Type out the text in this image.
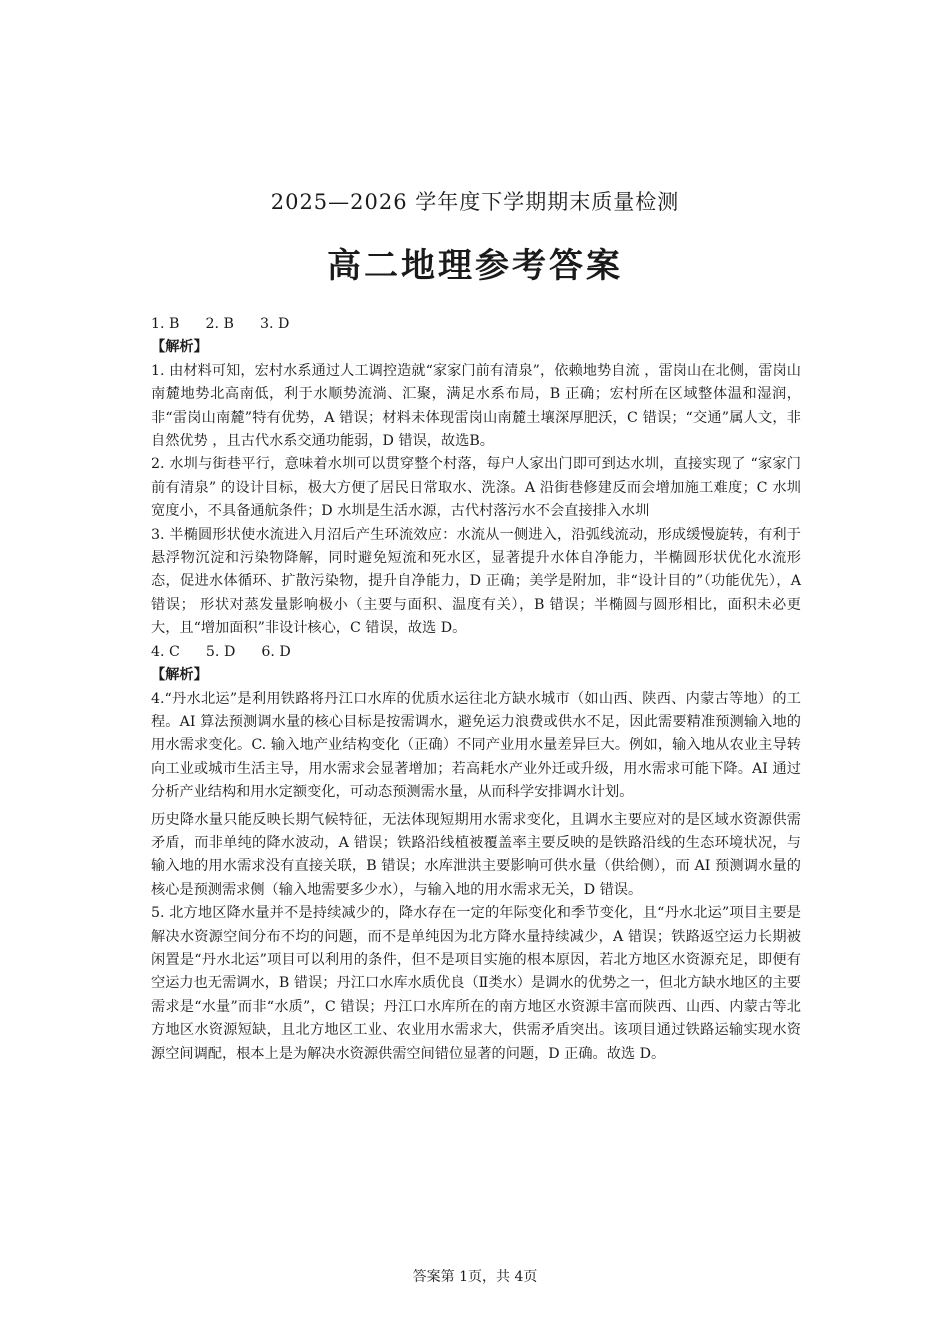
2025—2026 学年度下学期期末质量检测
高二地理参考答案

1. B 2. B 3. D

【解析】

1. 由材料可知，宏村水系通过人工调控造就“家家门前有清泉”，依赖地势自流 ，雷岗山在北侧，雷岗山南麓地势北高南低，利于水顺势流淌、汇聚，满足水系布局，B 正确；宏村所在区域整体温和湿润，非“雷岗山南麓”特有优势，A 错误；材料未体现雷岗山南麓土壤深厚肥沃，C 错误；“交通”属人文，非自然优势 ，且古代水系交通功能弱，D 错误，故选B。

2. 水圳与街巷平行，意味着水圳可以贯穿整个村落，每户人家出门即可到达水圳，直接实现了 “家家门前有清泉” 的设计目标，极大方便了居民日常取水、洗涤。A 沿街巷修建反而会增加施工难度；C 水圳宽度小，不具备通航条件；D 水圳是生活水源，古代村落污水不会直接排入水圳

3. 半椭圆形状使水流进入月沼后产生环流效应：水流从一侧进入，沿弧线流动，形成缓慢旋转，有利于悬浮物沉淀和污染物降解，同时避免短流和死水区，显著提升水体自净能力，半椭圆形状优化水流形态，促进水体循环、扩散污染物，提升自净能力，D 正确；美学是附加，非“设计目的”（功能优先），A 错误； 形状对蒸发量影响极小（主要与面积、温度有关），B 错误；半椭圆与圆形相比，面积未必更大，且“增加面积”非设计核心，C 错误，故选 D。

4. C 5. D 6. D

【解析】

4.“丹水北运”是利用铁路将丹江口水库的优质水运往北方缺水城市（如山西、陕西、内蒙古等地）的工程。AI 算法预测调水量的核心目标是按需调水，避免运力浪费或供水不足，因此需要精准预测输入地的用水需求变化。C. 输入地产业结构变化（正确）不同产业用水量差异巨大。例如，输入地从农业主导转向工业或城市生活主导，用水需求会显著增加；若高耗水产业外迁或升级，用水需求可能下降。AI 通过分析产业结构和用水定额变化，可动态预测需水量，从而科学安排调水计划。

历史降水量只能反映长期气候特征，无法体现短期用水需求变化，且调水主要应对的是区域水资源供需矛盾，而非单纯的降水波动，A 错误；铁路沿线植被覆盖率主要反映的是铁路沿线的生态环境状况，与输入地的用水需求没有直接关联，B 错误；水库泄洪主要影响可供水量（供给侧），而 AI 预测调水量的核心是预测需求侧（输入地需要多少水），与输入地的用水需求无关，D 错误。

5. 北方地区降水量并不是持续减少的，降水存在一定的年际变化和季节变化，且“丹水北运”项目主要是解决水资源空间分布不均的问题，而不是单纯因为北方降水量持续减少，A 错误；铁路返空运力长期被闲置是“丹水北运”项目可以利用的条件，但不是项目实施的根本原因，若北方地区水资源充足，即便有空运力也无需调水，B 错误；丹江口水库水质优良（Ⅱ类水）是调水的优势之一，但北方缺水地区的主要需求是“水量”而非“水质”，C 错误；丹江口水库所在的南方地区水资源丰富而陕西、山西、内蒙古等北方地区水资源短缺，且北方地区工业、农业用水需求大，供需矛盾突出。该项目通过铁路运输实现水资源空间调配，根本上是为解决水资源供需空间错位显著的问题，D 正确。故选 D。

答案第 1页，共 4页
